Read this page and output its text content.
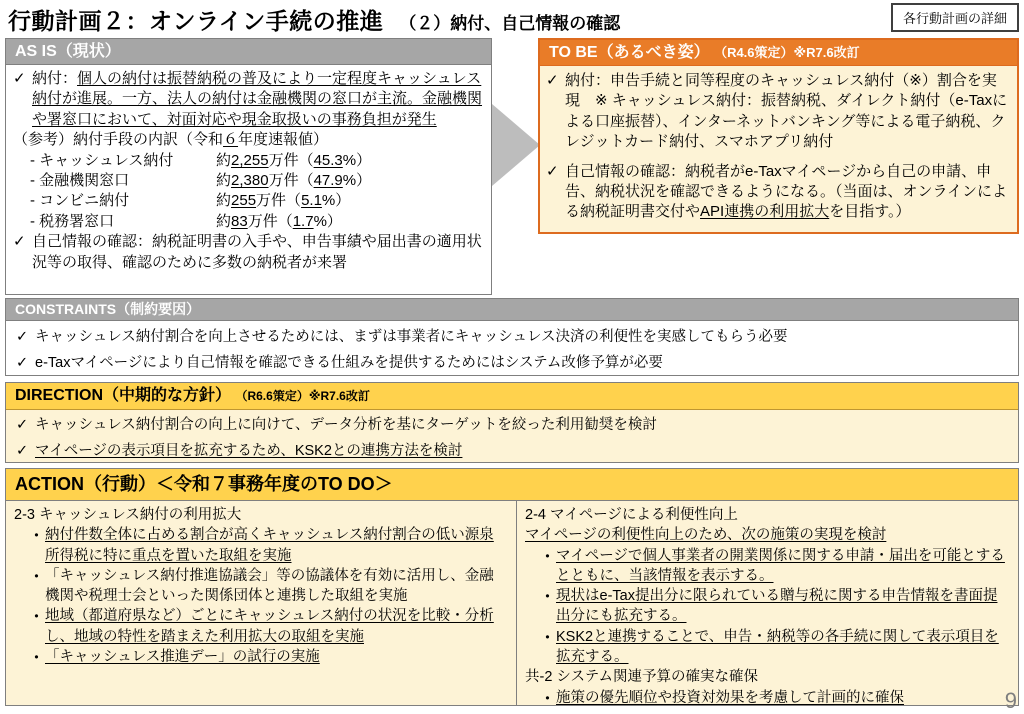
行動計画２：オンライン手続の推進 （２）納付、自己情報の確認	各行動計画の詳細
AS IS（現状）
✓ 納付：個人の納付は振替納税の普及により一定程度キャッシュレス納付が進展。一方、法人の納付は金融機関の窓口が主流。金融機関や署窓口において、対面対応や現金取扱いの事務負担が発生
（参考）納付手段の内訳（令和６年度速報値）
- キャッシュレス納付	約2,255万件（45.3%）
- 金融機関窓口	約2,380万件（47.9%）
- コンビニ納付	約255万件（5.1%）
- 税務署窓口	約83万件（1.7%）
✓ 自己情報の確認：納税証明書の入手や、申告事績や届出書の適用状況等の取得、確認のために多数の納税者が来署
TO BE（あるべき姿） （R4.6策定）※R7.6改訂
✓ 納付：申告手続と同等程度のキャッシュレス納付（※）割合を実現　※ キャッシュレス納付：振替納税、ダイレクト納付（e-Taxによる口座振替）、インターネットバンキング等による電子納税、クレジットカード納付、スマホアプリ納付
✓ 自己情報の確認：納税者がe-Taxマイページから自己の申請、申告、納税状況を確認できるようになる。（当面は、オンラインによる納税証明書交付やAPI連携の利用拡大を目指す。）
CONSTRAINTS（制約要因）
✓ キャッシュレス納付割合を向上させるためには、まずは事業者にキャッシュレス決済の利便性を実感してもらう必要
✓ e-Taxマイページにより自己情報を確認できる仕組みを提供するためにはシステム改修予算が必要
DIRECTION（中期的な方針） （R6.6策定）※R7.6改訂
✓ キャッシュレス納付割合の向上に向けて、データ分析を基にターゲットを絞った利用勧奨を検討
✓ マイページの表示項目を拡充するため、KSK2との連携方法を検討
ACTION（行動）＜令和７事務年度のTO DO＞
2-3 キャッシュレス納付の利用拡大
• 納付件数全体に占める割合が高くキャッシュレス納付割合の低い源泉所得税に特に重点を置いた取組を実施
• 「キャッシュレス納付推進協議会」等の協議体を有効に活用し、金融機関や税理士会といった関係団体と連携した取組を実施
• 地域（都道府県など）ごとにキャッシュレス納付の状況を比較・分析し、地域の特性を踏まえた利用拡大の取組を実施
• 「キャッシュレス推進デー」の試行の実施
2-4 マイページによる利便性向上
マイページの利便性向上のため、次の施策の実現を検討
• マイページで個人事業者の開業関係に関する申請・届出を可能とするとともに、当該情報を表示する。
• 現状はe-Tax提出分に限られている贈与税に関する申告情報を書面提出分にも拡充する。
• KSK2と連携することで、申告・納税等の各手続に関して表示項目を拡充する。
共-2 システム関連予算の確実な確保
• 施策の優先順位や投資対効果を考慮して計画的に確保	9
